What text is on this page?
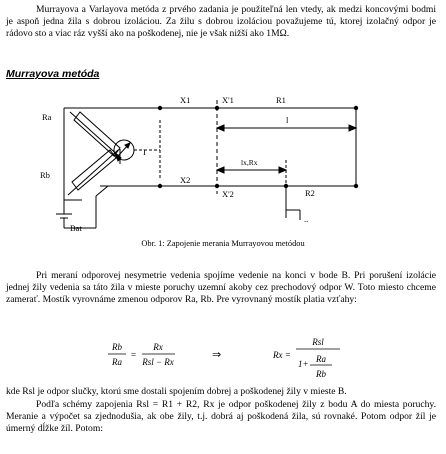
Murrayova a Varlayova metóda z prvého zadania je použiteľná len vtedy, ak medzi koncovými bodmi je aspoň jedna žila s dobrou izoláciou. Za žilu s dobrou izoláciou považujeme tú, ktorej izolačný odpor je rádovo sto a viac ráz vyšší ako na poškodenej, nie je však nižší ako 1MΩ.

Murrayova metóda
Ra
Rb
I
Bat
X1	X'1	R1
l
lx,Rx
X2
X'2	R2
..
Obr. 1: Zapojenie merania Murrayovou metódou

Pri meraní odporovej nesymetrie vedenia spojíme vedenie na konci v bode B. Pri porušení izolácie jednej žily vedenia sa táto žila v mieste poruchy uzemní akoby cez prechodový odpor W. Toto miesto chceme zamerať. Mostík vyrovnáme zmenou odporov Ra, Rb. Pre vyrovnaný mostík platia vzťahy:

Rb
Ra
=
Rx
Rsl − Rx
⇒	Rx =
Rsl
1+ Ra
Rb

kde Rsl je odpor slučky, ktorú sme dostali spojením dobrej a poškodenej žily v mieste B.

Podľa schémy zapojenia Rsl = R1 + R2, Rx je odpor poškodenej žily z bodu A do miesta poruchy. Meranie a výpočet sa zjednodušia, ak obe žily, t.j. dobrá aj poškodená žila, sú rovnaké. Potom odpor žíl je úmerný dĺžke žíl. Potom:
